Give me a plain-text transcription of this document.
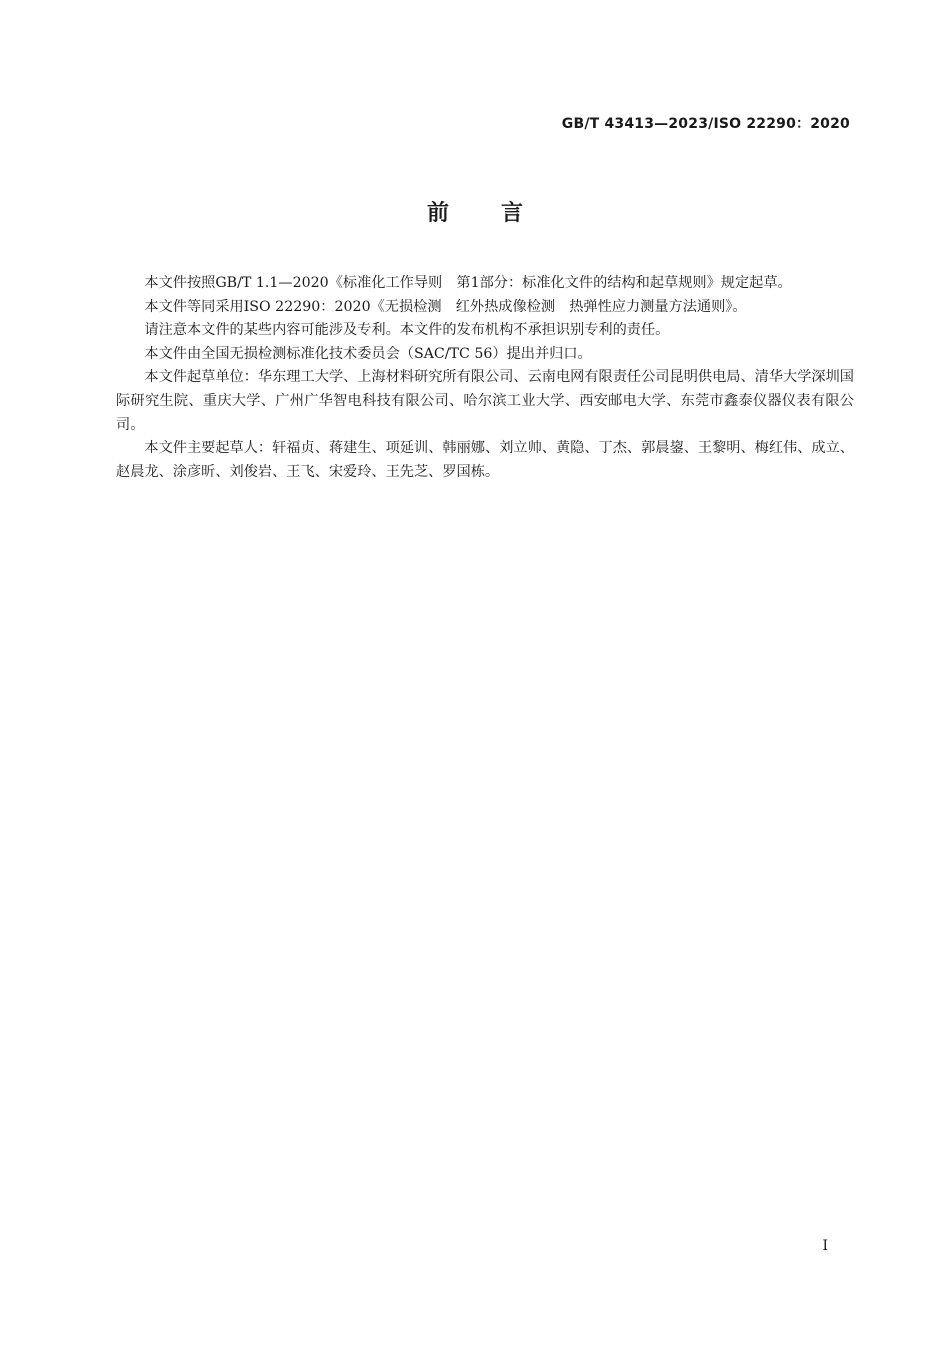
GB/T 43413—2023/ISO 22290：2020
前言

本文件按照GB/T 1.1—2020《标准化工作导则　第1部分：标准化文件的结构和起草规则》规定起草。

本文件等同采用ISO 22290：2020《无损检测　红外热成像检测　热弹性应力测量方法通则》。

请注意本文件的某些内容可能涉及专利。本文件的发布机构不承担识别专利的责任。

本文件由全国无损检测标准化技术委员会（SAC/TC 56）提出并归口。

本文件起草单位：华东理工大学、上海材料研究所有限公司、云南电网有限责任公司昆明供电局、清华大学深圳国际研究生院、重庆大学、广州广华智电科技有限公司、哈尔滨工业大学、西安邮电大学、东莞市鑫泰仪器仪表有限公司。

本文件主要起草人：轩福贞、蒋建生、项延训、韩丽娜、刘立帅、黄隐、丁杰、郭晨鋆、王黎明、梅红伟、成立、赵晨龙、涂彦昕、刘俊岩、王飞、宋爱玲、王先芝、罗国栋。

I
